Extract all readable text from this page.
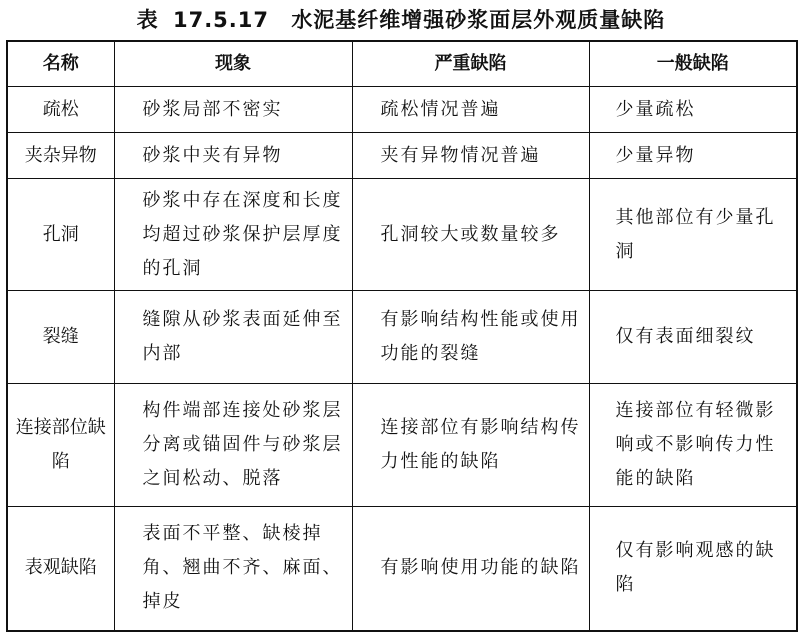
表 17.5.17 水泥基纤维增强砂浆面层外观质量缺陷
名称	现象	严重缺陷	一般缺陷
疏松	砂浆局部不密实	疏松情况普遍	少量疏松
夹杂异物	砂浆中夹有异物	夹有异物情况普遍	少量异物
孔洞	砂浆中存在深度和长度均超过砂浆保护层厚度的孔洞	孔洞较大或数量较多	其他部位有少量孔洞
裂缝	缝隙从砂浆表面延伸至内部	有影响结构性能或使用功能的裂缝	仅有表面细裂纹
连接部位缺陷	构件端部连接处砂浆层分离或锚固件与砂浆层之间松动、脱落	连接部位有影响结构传力性能的缺陷	连接部位有轻微影响或不影响传力性能的缺陷
表观缺陷	表面不平整、缺棱掉角、翘曲不齐、麻面、掉皮	有影响使用功能的缺陷	仅有影响观感的缺陷
